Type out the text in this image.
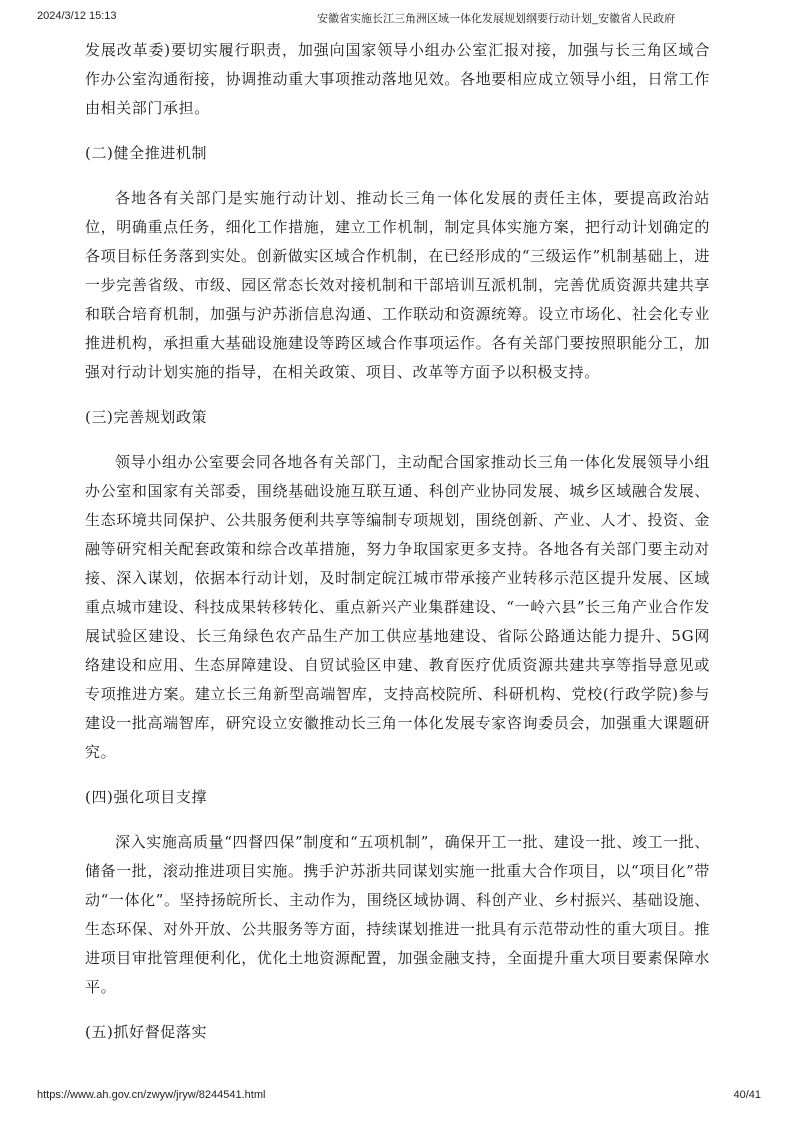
2024/3/12 15:13	安徽省实施长江三角洲区域一体化发展规划纲要行动计划_安徽省人民政府

发展改革委)要切实履行职责，加强向国家领导小组办公室汇报对接，加强与长三角区域合作办公室沟通衔接，协调推动重大事项推动落地见效。各地要相应成立领导小组，日常工作由相关部门承担。

(二)健全推进机制

各地各有关部门是实施行动计划、推动长三角一体化发展的责任主体，要提高政治站位，明确重点任务，细化工作措施，建立工作机制，制定具体实施方案，把行动计划确定的各项目标任务落到实处。创新做实区域合作机制，在已经形成的“三级运作”机制基础上，进一步完善省级、市级、园区常态长效对接机制和干部培训互派机制，完善优质资源共建共享和联合培育机制，加强与沪苏浙信息沟通、工作联动和资源统筹。设立市场化、社会化专业推进机构，承担重大基础设施建设等跨区域合作事项运作。各有关部门要按照职能分工，加强对行动计划实施的指导，在相关政策、项目、改革等方面予以积极支持。

(三)完善规划政策

领导小组办公室要会同各地各有关部门，主动配合国家推动长三角一体化发展领导小组办公室和国家有关部委，围绕基础设施互联互通、科创产业协同发展、城乡区域融合发展、生态环境共同保护、公共服务便利共享等编制专项规划，围绕创新、产业、人才、投资、金融等研究相关配套政策和综合改革措施，努力争取国家更多支持。各地各有关部门要主动对接、深入谋划，依据本行动计划，及时制定皖江城市带承接产业转移示范区提升发展、区域重点城市建设、科技成果转移转化、重点新兴产业集群建设、“一岭六县”长三角产业合作发展试验区建设、长三角绿色农产品生产加工供应基地建设、省际公路通达能力提升、5G网络建设和应用、生态屏障建设、自贸试验区申建、教育医疗优质资源共建共享等指导意见或专项推进方案。建立长三角新型高端智库，支持高校院所、科研机构、党校(行政学院)参与建设一批高端智库，研究设立安徽推动长三角一体化发展专家咨询委员会，加强重大课题研究。

(四)强化项目支撑

深入实施高质量“四督四保”制度和“五项机制”，确保开工一批、建设一批、竣工一批、储备一批，滚动推进项目实施。携手沪苏浙共同谋划实施一批重大合作项目，以“项目化”带动“一体化”。坚持扬皖所长、主动作为，围绕区域协调、科创产业、乡村振兴、基础设施、生态环保、对外开放、公共服务等方面，持续谋划推进一批具有示范带动性的重大项目。推进项目审批管理便利化，优化土地资源配置，加强金融支持，全面提升重大项目要素保障水平。

(五)抓好督促落实

https://www.ah.gov.cn/zwyw/jryw/8244541.html	40/41
